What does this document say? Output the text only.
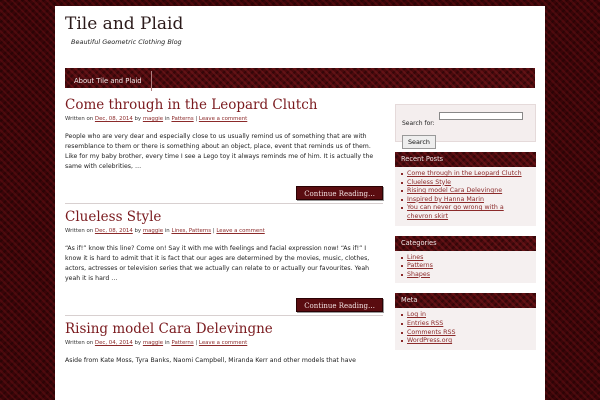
Tile and Plaid
Beautiful Geometric Clothing Blog
About Tile and Plaid
Come through in the Leopard Clutch
Written on Dec, 08, 2014 by maggie in Patterns | Leave a comment
People who are very dear and especially close to us usually remind us of something that are with resemblance to them or there is something about an object, place, event that reminds us of them. Like for my baby brother, every time I see a Lego toy it always reminds me of him. It is actually the same with celebrities, …
Continue Reading…
Clueless Style
Written on Dec, 08, 2014 by maggie in Lines, Patterns | Leave a comment
“As if!” know this line? Come on! Say it with me with feelings and facial expression now! “As if!” I know it is hard to admit that it is fact that our ages are determined by the movies, music, clothes, actors, actresses or television series that we actually can relate to or actually our favourites. Yeah yeah it is hard …
Continue Reading…
Rising model Cara Delevingne
Written on Dec, 04, 2014 by maggie in Patterns | Leave a comment
Aside from Kate Moss, Tyra Banks, Naomi Campbell, Miranda Kerr and other models that have
Search for:

Search
Recent Posts
Come through in the Leopard Clutch
Clueless Style
Rising model Cara Delevingne
Inspired by Hanna Marin
You can never go wrong with a chevron skirt
Categories
Lines
Patterns
Shapes
Meta
Log in
Entries RSS
Comments RSS
WordPress.org
